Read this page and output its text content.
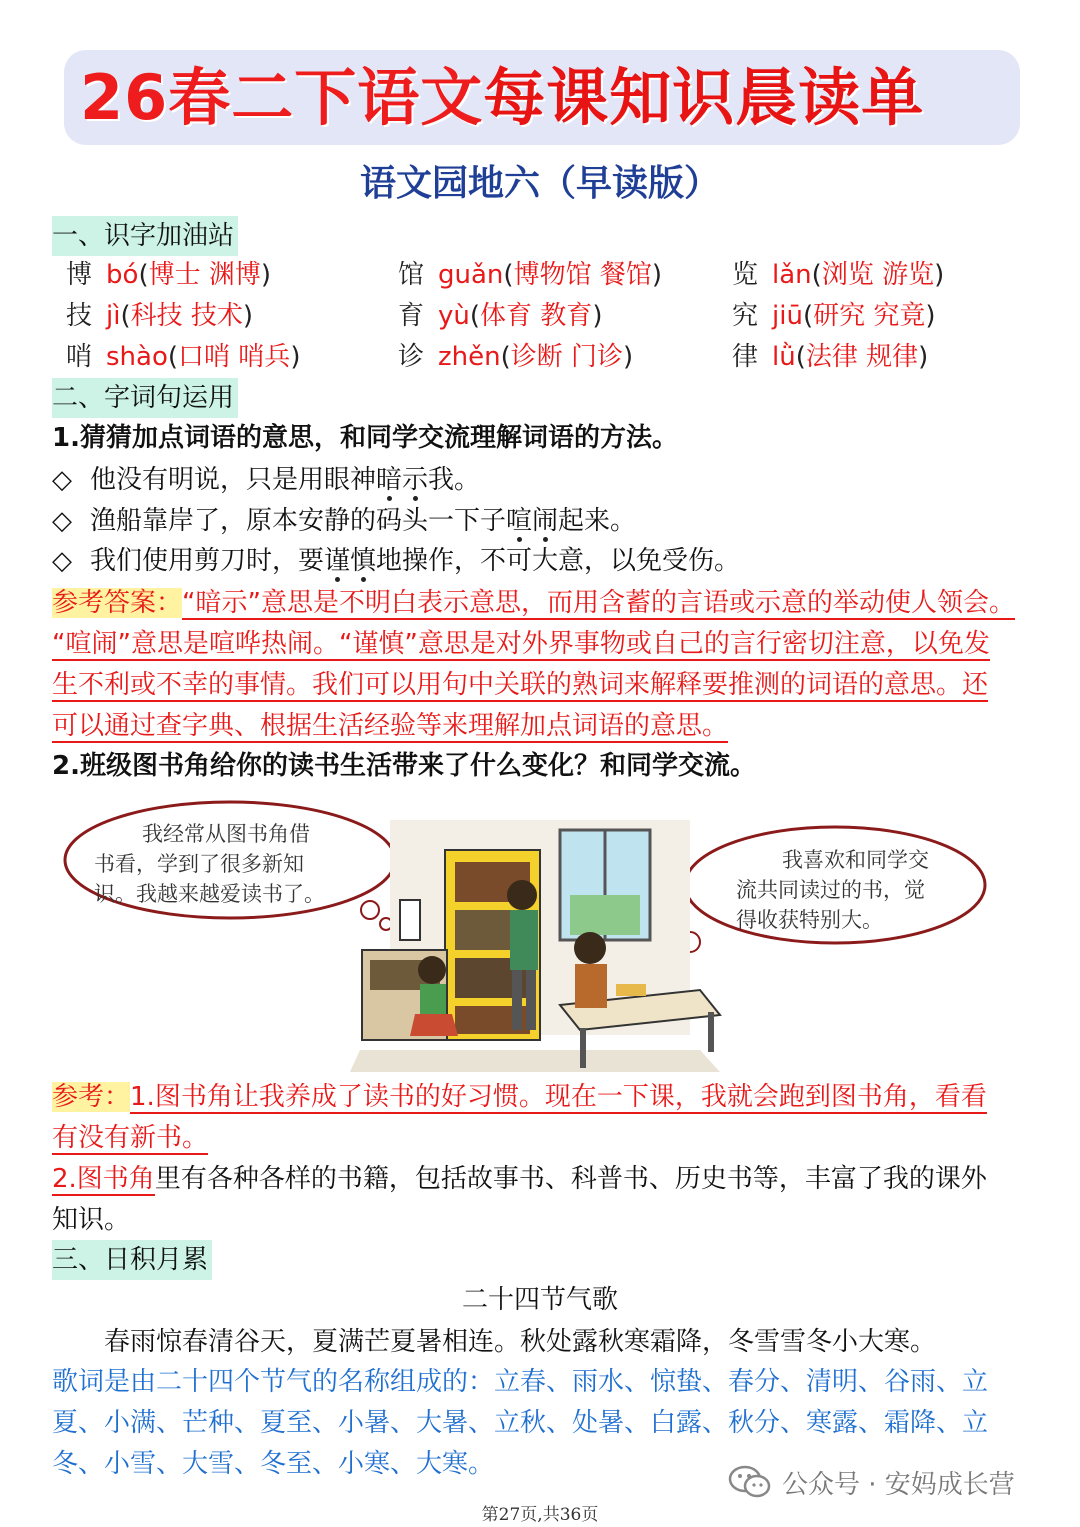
26春二下语文每课知识晨读单
语文园地六（早读版）
一、识字加油站
博 bó(博士 渊博)	馆 guǎn(博物馆 餐馆)	览 lǎn(浏览 游览)
技 jì(科技 技术)	育 yù(体育 教育)	究 jiū(研究 究竟)
哨 shào(口哨 哨兵)	诊 zhěn(诊断 门诊)	律 lǜ(法律 规律)
二、字词句运用
1.猜猜加点词语的意思，和同学交流理解词语的方法。
◇ 他没有明说，只是用眼神暗示我。
◇ 渔船靠岸了，原本安静的码头一下子喧闹起来。
◇ 我们使用剪刀时，要谨慎地操作，不可大意，以免受伤。
参考答案：“暗示”意思是不明白表示意思，而用含蓄的言语或示意的举动使人领会。
“喧闹”意思是喧哗热闹。“谨慎”意思是对外界事物或自己的言行密切注意，以免发
生不利或不幸的事情。我们可以用句中关联的熟词来解释要推测的词语的意思。还
可以通过查字典、根据生活经验等来理解加点词语的意思。
2.班级图书角给你的读书生活带来了什么变化？和同学交流。
我经常从图书角借
书看，学到了很多新知
识。我越来越爱读书了。
我喜欢和同学交
流共同读过的书，觉
得收获特别大。
参考：1.图书角让我养成了读书的好习惯。现在一下课，我就会跑到图书角，看看
有没有新书。
2.图书角里有各种各样的书籍，包括故事书、科普书、历史书等，丰富了我的课外
知识。
三、日积月累
二十四节气歌
春雨惊春清谷天，夏满芒夏暑相连。秋处露秋寒霜降，冬雪雪冬小大寒。
歌词是由二十四个节气的名称组成的：立春、雨水、惊蛰、春分、清明、谷雨、立
夏、小满、芒种、夏至、小暑、大暑、立秋、处暑、白露、秋分、寒露、霜降、立
冬、小雪、大雪、冬至、小寒、大寒。
公众号 · 安妈成长营
第27页,共36页
